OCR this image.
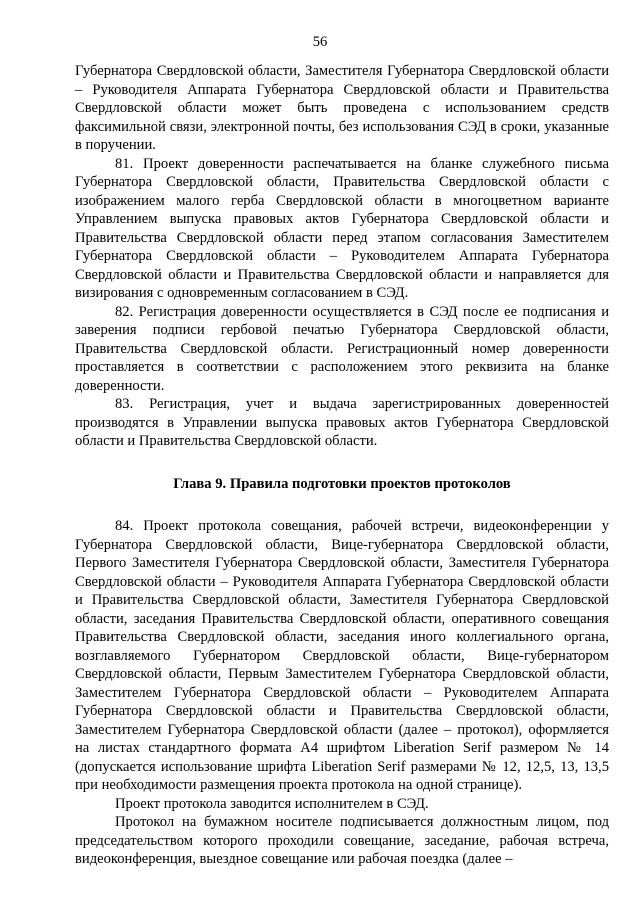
56

Губернатора Свердловской области, Заместителя Губернатора Свердловской области – Руководителя Аппарата Губернатора Свердловской области и Правительства Свердловской области может быть проведена с использованием средств факсимильной связи, электронной почты, без использования СЭД в сроки, указанные в поручении.

81. Проект доверенности распечатывается на бланке служебного письма Губернатора Свердловской области, Правительства Свердловской области с изображением малого герба Свердловской области в многоцветном варианте Управлением выпуска правовых актов Губернатора Свердловской области и Правительства Свердловской области перед этапом согласования Заместителем Губернатора Свердловской области – Руководителем Аппарата Губернатора Свердловской области и Правительства Свердловской области и направляется для визирования с одновременным согласованием в СЭД.

82. Регистрация доверенности осуществляется в СЭД после ее подписания и заверения подписи гербовой печатью Губернатора Свердловской области, Правительства Свердловской области. Регистрационный номер доверенности проставляется в соответствии с расположением этого реквизита на бланке доверенности.

83. Регистрация, учет и выдача зарегистрированных доверенностей производятся в Управлении выпуска правовых актов Губернатора Свердловской области и Правительства Свердловской области.

Глава 9. Правила подготовки проектов протоколов

84. Проект протокола совещания, рабочей встречи, видеоконференции у Губернатора Свердловской области, Вице-губернатора Свердловской области, Первого Заместителя Губернатора Свердловской области, Заместителя Губернатора Свердловской области – Руководителя Аппарата Губернатора Свердловской области и Правительства Свердловской области, Заместителя Губернатора Свердловской области, заседания Правительства Свердловской области, оперативного совещания Правительства Свердловской области, заседания иного коллегиального органа, возглавляемого Губернатором Свердловской области, Вице-губернатором Свердловской области, Первым Заместителем Губернатора Свердловской области, Заместителем Губернатора Свердловской области – Руководителем Аппарата Губернатора Свердловской области и Правительства Свердловской области, Заместителем Губернатора Свердловской области (далее – протокол), оформляется на листах стандартного формата А4 шрифтом Liberation Serif размером № 14 (допускается использование шрифта Liberation Serif размерами № 12, 12,5, 13, 13,5 при необходимости размещения проекта протокола на одной странице).

Проект протокола заводится исполнителем в СЭД.

Протокол на бумажном носителе подписывается должностным лицом, под председательством которого проходили совещание, заседание, рабочая встреча, видеоконференция, выездное совещание или рабочая поездка (далее –
